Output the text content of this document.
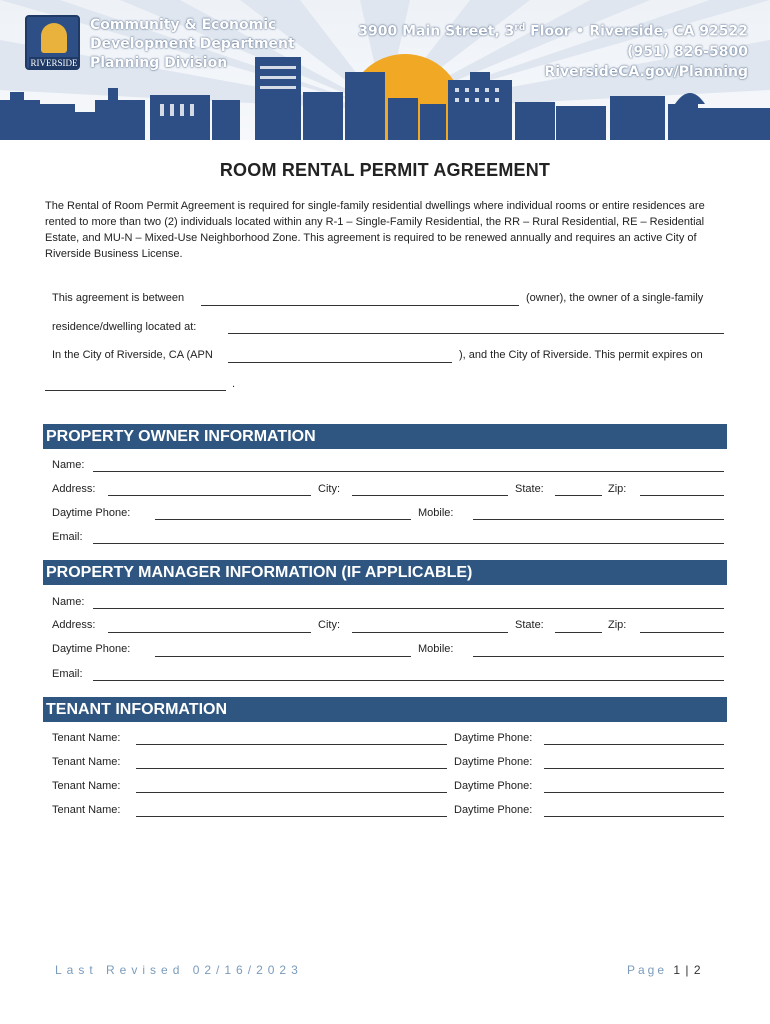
RIVERSIDE
Community & Economic
Development Department
Planning Division
3900 Main Street, 3rd Floor • Riverside, CA 92522
(951) 826-5800
RiversideCA.gov/Planning
ROOM RENTAL PERMIT AGREEMENT
The Rental of Room Permit Agreement is required for single-family residential dwellings where individual rooms or entire residences are rented to more than two (2) individuals located within any R-1 – Single-Family Residential, the RR – Rural Residential, RE – Residential Estate, and MU-N – Mixed-Use Neighborhood Zone. This agreement is required to be renewed annually and requires an active City of Riverside Business License.
This agreement is between	(owner), the owner of a single-family
residence/dwelling located at:
In the City of Riverside, CA (APN	), and the City of Riverside. This permit expires on
.
PROPERTY OWNER INFORMATION
Name:
Address:	City:	State:	Zip:
Daytime Phone:	Mobile:
Email:
PROPERTY MANAGER INFORMATION (IF APPLICABLE)
Name:
Address:	City:	State:	Zip:
Daytime Phone:	Mobile:
Email:
TENANT INFORMATION
Tenant Name:	Daytime Phone:
Tenant Name:	Daytime Phone:
Tenant Name:	Daytime Phone:
Tenant Name:	Daytime Phone:
Last Revised 02/16/2023	Page 1 | 2
